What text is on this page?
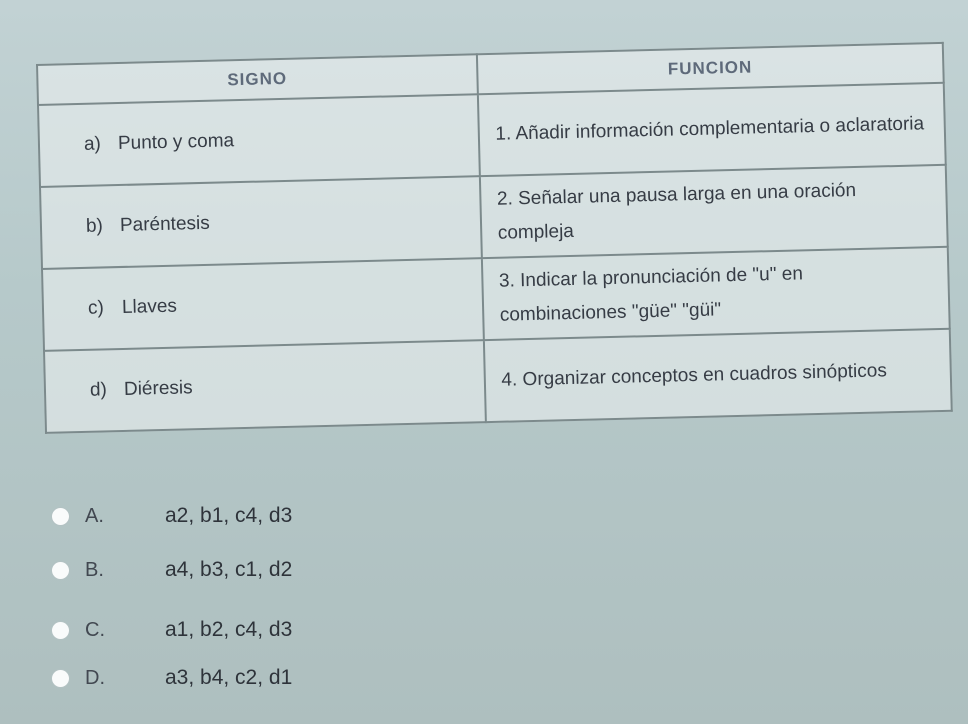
SIGNO	FUNCION
a) Punto y coma	1. Añadir información complementaria o aclaratoria
b) Paréntesis	2. Señalar una pausa larga en una oración compleja
c) Llaves	3. Indicar la pronunciación de "u" en combinaciones "güe" "güi"
d) Diéresis	4. Organizar conceptos en cuadros sinópticos
A.	a2, b1, c4, d3
B.	a4, b3, c1, d2
C.	a1, b2, c4, d3
D.	a3, b4, c2, d1
